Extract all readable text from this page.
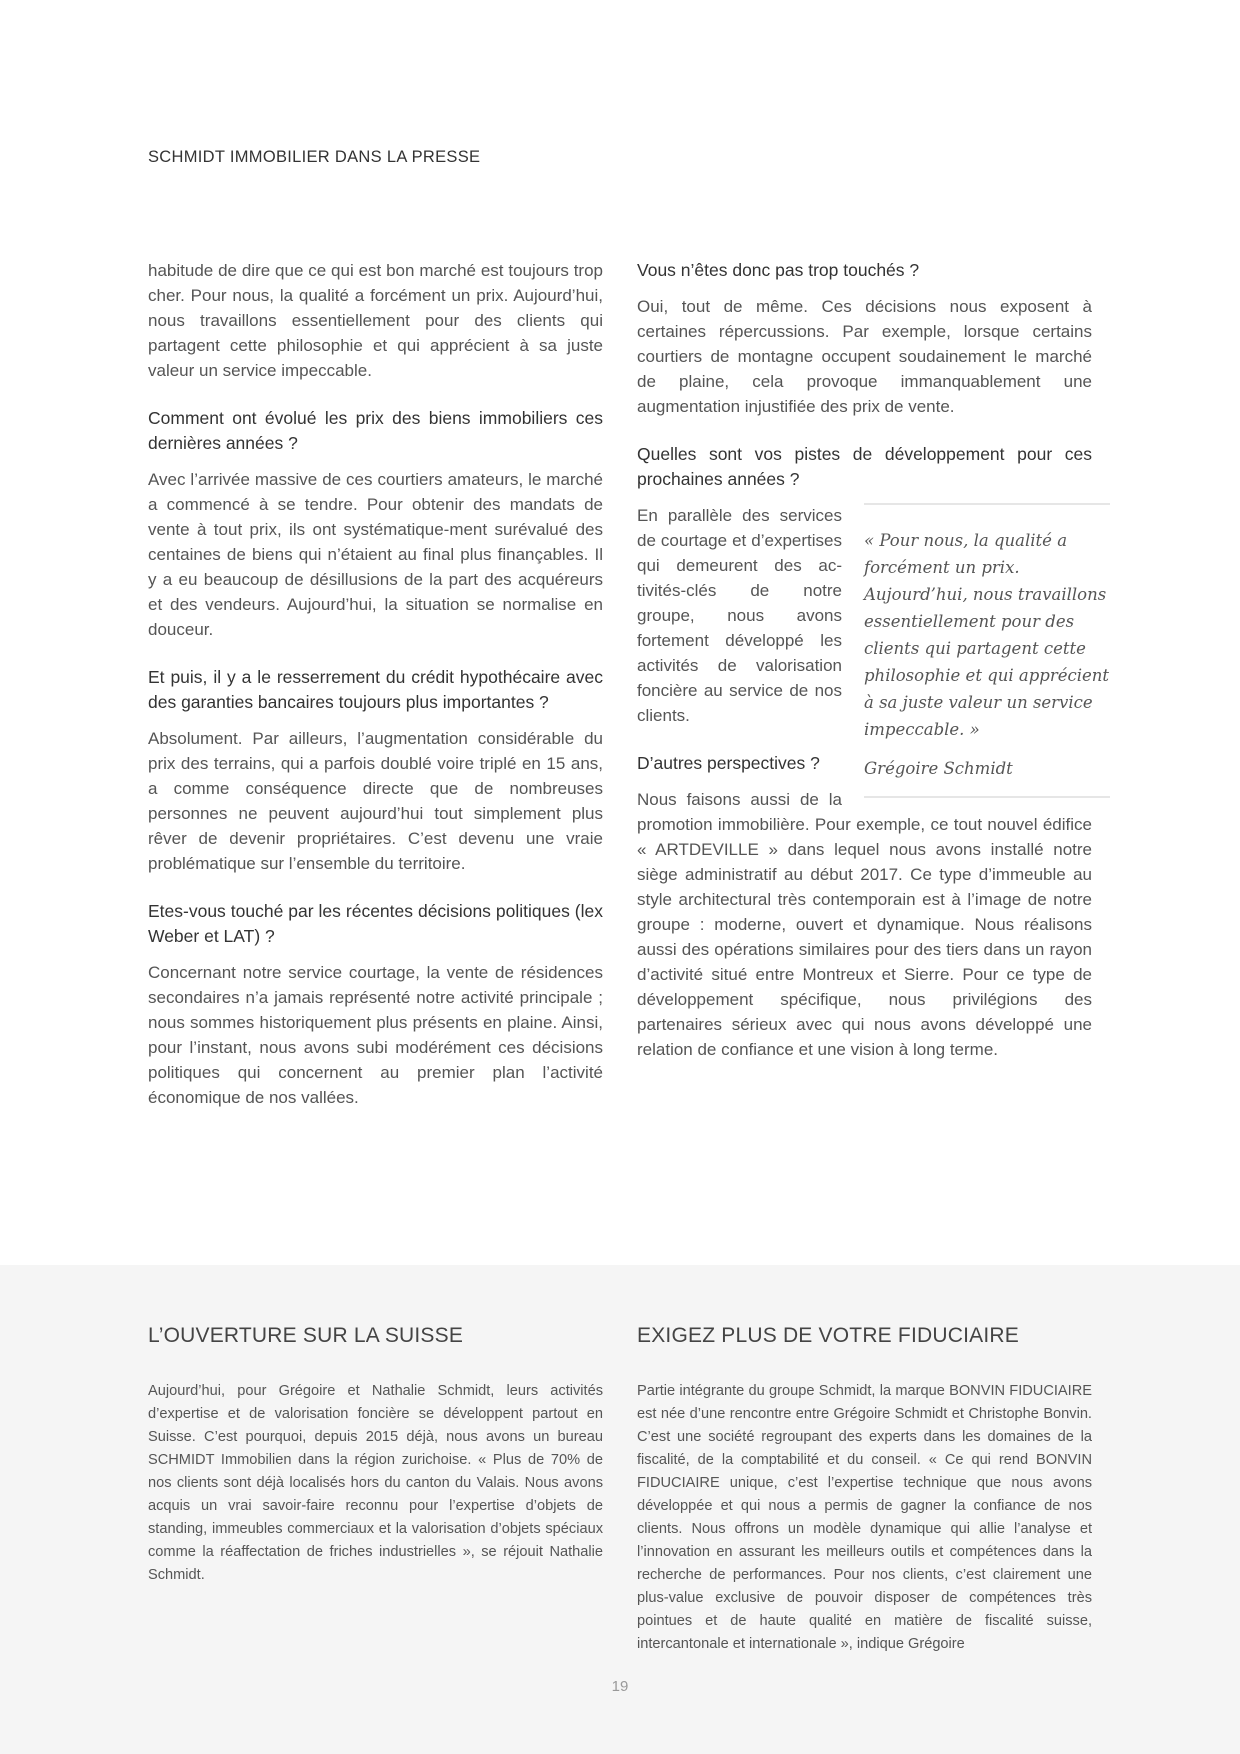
SCHMIDT IMMOBILIER DANS LA PRESSE

habitude de dire que ce qui est bon marché est toujours trop cher. Pour nous, la qualité a forcément un prix. Aujourd’hui, nous travaillons essentiellement pour des clients qui partagent cette philosophie et qui apprécient à sa juste valeur un service impeccable.

Comment ont évolué les prix des biens immobiliers ces dernières années ?

Avec l’arrivée massive de ces courtiers amateurs, le marché a commencé à se tendre. Pour obtenir des mandats de vente à tout prix, ils ont systématique-ment surévalué des centaines de biens qui n’étaient au final plus finançables. Il y a eu beaucoup de désillusions de la part des acquéreurs et des vendeurs. Aujourd’hui, la situation se normalise en douceur.

Et puis, il y a le resserrement du crédit hypothécaire avec des garanties bancaires toujours plus importantes ?

Absolument. Par ailleurs, l’augmentation considérable du prix des terrains, qui a parfois doublé voire triplé en 15 ans, a comme conséquence directe que de nombreuses personnes ne peuvent aujourd’hui tout simplement plus rêver de devenir propriétaires. C’est devenu une vraie problématique sur l’ensemble du territoire.

Etes-vous touché par les récentes décisions politiques (lex Weber et LAT) ?

Concernant notre service courtage, la vente de résidences secondaires n’a jamais représenté notre activité principale ; nous sommes historiquement plus présents en plaine. Ainsi, pour l’instant, nous avons subi modérément ces décisions politiques qui concernent au premier plan l’activité économique de nos vallées.

Vous n’êtes donc pas trop touchés ?

Oui, tout de même. Ces décisions nous exposent à certaines répercussions. Par exemple, lorsque certains courtiers de montagne occupent soudainement le marché de plaine, cela provoque immanquablement une augmentation injustifiée des prix de vente.

Quelles sont vos pistes de développement pour ces prochaines années ?
« Pour nous, la qualité a forcément un prix. Aujourd’hui, nous travaillons essentiellement pour des clients qui partagent cette philosophie et qui apprécient à sa juste valeur un service impeccable. »
Grégoire Schmidt

En parallèle des services de courtage et d’expertises qui demeurent des ac-tivités-clés de notre groupe, nous avons fortement développé les activités de valorisation foncière au service de nos clients.

D’autres perspectives ?

Nous faisons aussi de la promotion immobilière. Pour exemple, ce tout nouvel édifice « ARTDEVILLE » dans lequel nous avons installé notre siège administratif au début 2017. Ce type d’immeuble au style architectural très contemporain est à l’image de notre groupe : moderne, ouvert et dynamique. Nous réalisons aussi des opérations similaires pour des tiers dans un rayon d’activité situé entre Montreux et Sierre. Pour ce type de développement spécifique, nous privilégions des partenaires sérieux avec qui nous avons développé une relation de confiance et une vision à long terme.

L’OUVERTURE SUR LA SUISSE

Aujourd’hui, pour Grégoire et Nathalie Schmidt, leurs activités d’expertise et de valorisation foncière se développent partout en Suisse. C’est pourquoi, depuis 2015 déjà, nous avons un bureau SCHMIDT Immobilien dans la région zurichoise. « Plus de 70% de nos clients sont déjà localisés hors du canton du Valais. Nous avons acquis un vrai savoir-faire reconnu pour l’expertise d’objets de standing, immeubles commerciaux et la valorisation d’objets spéciaux comme la réaffectation de friches industrielles », se réjouit Nathalie Schmidt.

EXIGEZ PLUS DE VOTRE FIDUCIAIRE

Partie intégrante du groupe Schmidt, la marque BONVIN FIDUCIAIRE est née d’une rencontre entre Grégoire Schmidt et Christophe Bonvin. C’est une société regroupant des experts dans les domaines de la fiscalité, de la comptabilité et du conseil. « Ce qui rend BONVIN FIDUCIAIRE unique, c’est l’expertise technique que nous avons développée et qui nous a permis de gagner la confiance de nos clients. Nous offrons un modèle dynamique qui allie l’analyse et l’innovation en assurant les meilleurs outils et compétences dans la recherche de performances. Pour nos clients, c’est clairement une plus-value exclusive de pouvoir disposer de compétences très pointues et de haute qualité en matière de fiscalité suisse, intercantonale et internationale », indique Grégoire

19
